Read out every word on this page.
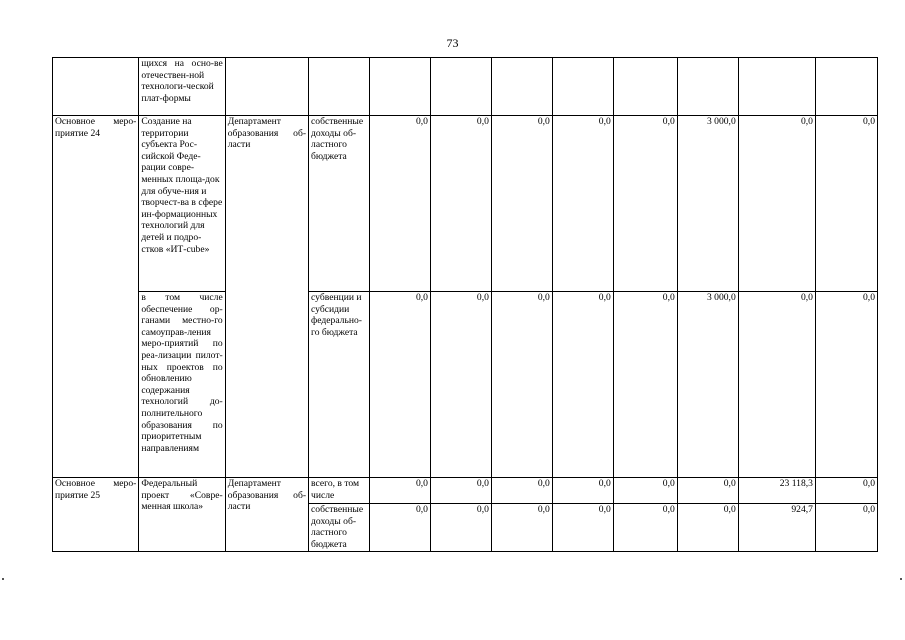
73
	щихся на осно-ве отечествен-ной технологи-ческой плат-формы										
Основное меро-приятие 24	Создание на территории субъекта Рос-сийской Феде-рации совре-менных площа-док для обуче-ния и творчест-ва в сфере ин-формационных технологий для детей и подро-стков «ИТ-cube»	Департамент образования об-ласти	собственные доходы об-ластного бюджета	0,0	0,0	0,0	0,0	0,0	3 000,0	0,0	0,0
	в том числе обеспечение ор-ганами местно-го самоуправ-ления меро-приятий по реа-лизации пилот-ных проектов по обновлению содержания технологий до-полнительного образования по приоритетным направлениям		субвенции и субсидии федерально-го бюджета	0,0	0,0	0,0	0,0	0,0	3 000,0	0,0	0,0
Основное меро-приятие 25	Федеральный проект «Совре-менная школа»	Департамент образования об-ласти	всего, в том числе	0,0	0,0	0,0	0,0	0,0	0,0	23 118,3	0,0
			собственные доходы об-ластного бюджета	0,0	0,0	0,0	0,0	0,0	0,0	924,7	0,0
